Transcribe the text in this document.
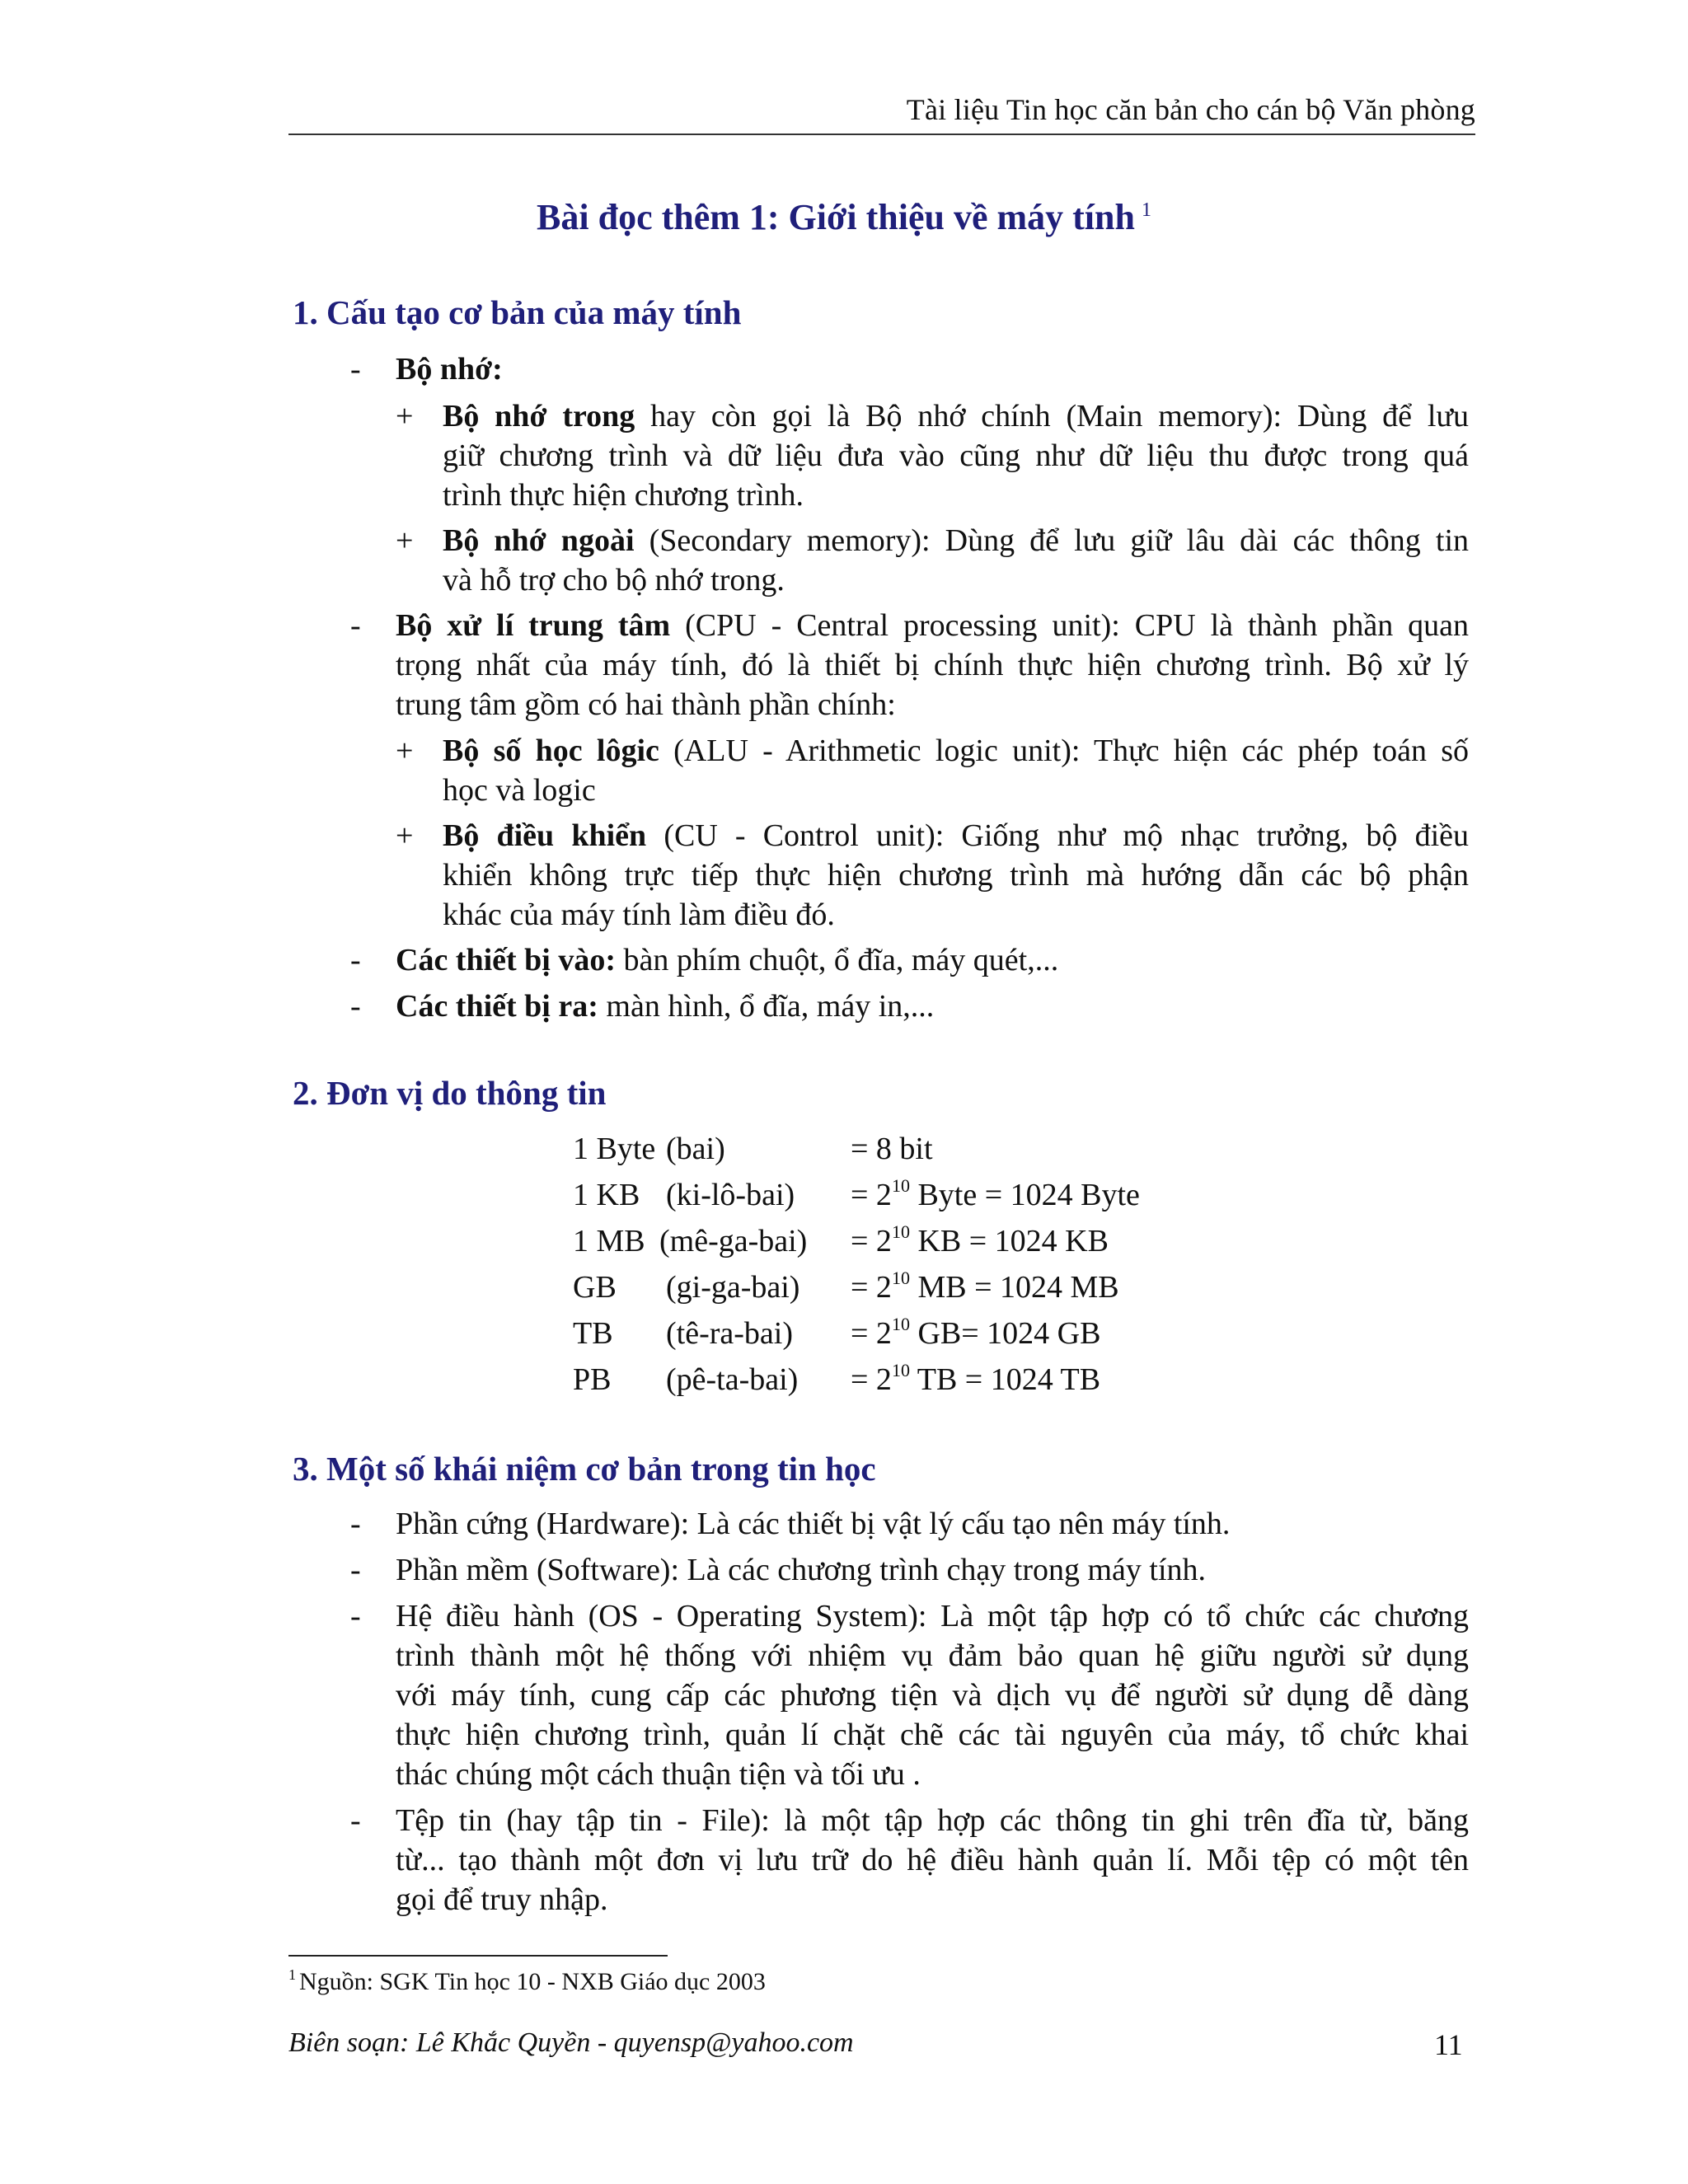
Tài liệu Tin học căn bản cho cán bộ Văn phòng
Bài đọc thêm 1: Giới thiệu về máy tính $^1$
1. Cấu tạo cơ bản của máy tính
- Bộ nhớ:
+ Bộ nhớ trong hay còn gọi là Bộ nhớ chính (Main memory): Dùng để lưu
giữ chương trình và dữ liệu đưa vào cũng như dữ liệu thu được trong quá
trình thực hiện chương trình.
+ Bộ nhớ ngoài (Secondary memory): Dùng để lưu giữ lâu dài các thông tin
và hỗ trợ cho bộ nhớ trong.
- Bộ xử lí trung tâm (CPU - Central processing unit): CPU là thành phần quan
trọng nhất của máy tính, đó là thiết bị chính thực hiện chương trình. Bộ xử lý
trung tâm gồm có hai thành phần chính:
+ Bộ số học lôgic (ALU - Arithmetic logic unit): Thực hiện các phép toán số
học và logic
+ Bộ điều khiển (CU - Control unit): Giống như mộ nhạc trưởng, bộ điều
khiển không trực tiếp thực hiện chương trình mà hướng dẫn các bộ phận
khác của máy tính làm điều đó.
- Các thiết bị vào: bàn phím chuột, ổ đĩa, máy quét,...
- Các thiết bị ra: màn hình, ổ đĩa, máy in,...
2. Đơn vị do thông tin
1 Byte (bai)	= 8 bit
1 KB (ki-lô-bai) = $2^{10}$ Byte = 1024 Byte
1 MB (mê-ga-bai) = $2^{10}$ KB = 1024 KB
GB $(gi-ga-bai) = 2^{10}$ MB = 1024 MB
TB (tê-ra-bai) = $2^{10}$ GB= 1024 GB
PB (pê-ta-bai) = $2^{10}$ TB = 1024 TB
3. Một số khái niệm cơ bản trong tin học
- Phần cứng (Hardware): Là các thiết bị vật lý cấu tạo nên máy tính.
- Phần mềm (Software): Là các chương trình chạy trong máy tính.
- Hệ điều hành (OS - Operating System): Là một tập hợp có tổ chức các chương
trình thành một hệ thống với nhiệm vụ đảm bảo quan hệ giữu người sử dụng
với máy tính, cung cấp các phương tiện và dịch vụ để người sử dụng dễ dàng
thực hiện chương trình, quản lí chặt chẽ các tài nguyên của máy, tổ chức khai
thác chúng một cách thuận tiện và tối ưu .
- Tệp tin (hay tập tin - File): là một tập hợp các thông tin ghi trên đĩa từ, băng
từ... tạo thành một đơn vị lưu trữ do hệ điều hành quản lí. Mỗi tệp có một tên
gọi để truy nhập.
$^1$ Nguồn: SGK Tin học 10 - NXB Giáo dục 2003
Biên soạn: Lê Khắc Quyền - quyensp@yahoo.com	11
